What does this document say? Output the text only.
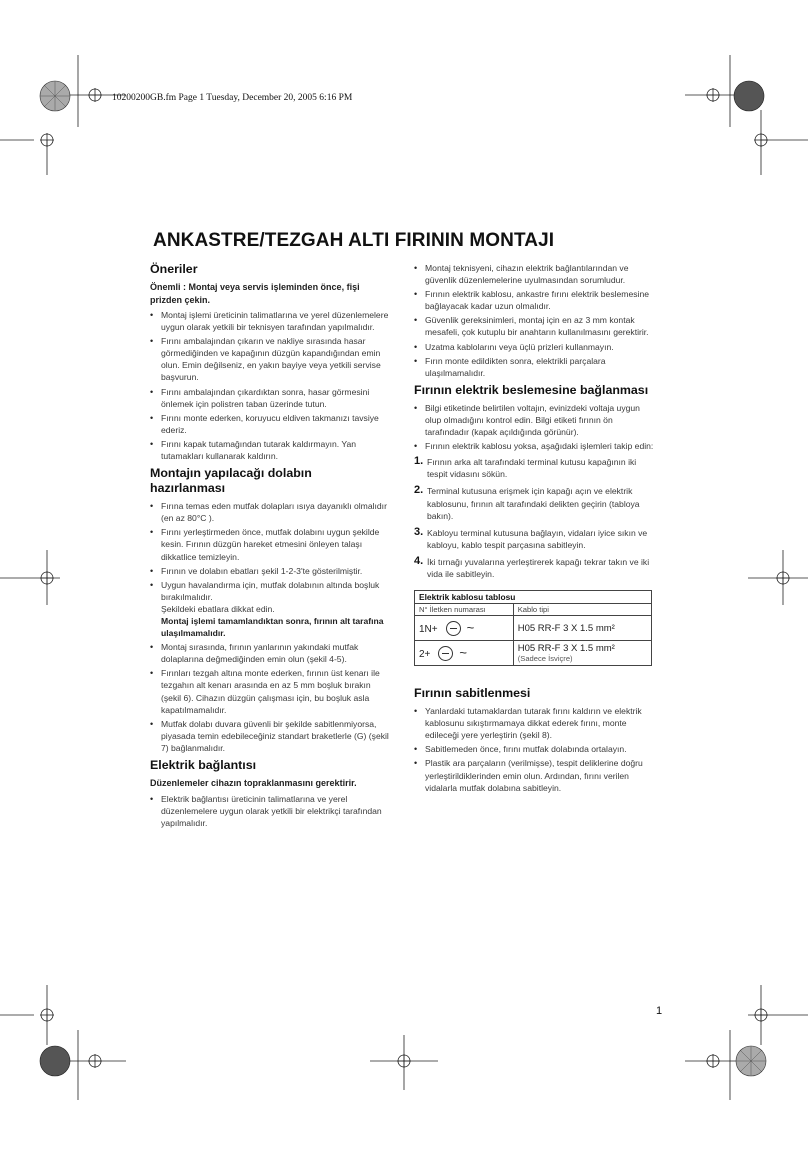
10200200GB.fm Page 1 Tuesday, December 20, 2005 6:16 PM
ANKASTRE/TEZGAH ALTI FIRININ MONTAJI
Öneriler

Önemli : Montaj veya servis işleminden önce, fişi prizden çekin.

• Montaj işlemi üreticinin talimatlarına ve yerel düzenlemelere uygun olarak yetkili bir teknisyen tarafından yapılmalıdır.
• Fırını ambalajından çıkarın ve nakliye sırasında hasar görmediğinden ve kapağının düzgün kapandığından emin olun. Emin değilseniz, en yakın bayiye veya yetkili servise başvurun.
• Fırını ambalajından çıkardıktan sonra, hasar görmesini önlemek için polistren taban üzerinde tutun.
• Fırını monte ederken, koruyucu eldiven takmanızı tavsiye ederiz.
• Fırını kapak tutamağından tutarak kaldırmayın. Yan tutamakları kullanarak kaldırın.
Montajın yapılacağı dolabın hazırlanması
• Fırına temas eden mutfak dolapları ısıya dayanıklı olmalıdır (en az 80°C ).
• Fırını yerleştirmeden önce, mutfak dolabını uygun şekilde kesin. Fırının düzgün hareket etmesini önleyen talaşı dikkatlice temizleyin.
• Fırının ve dolabın ebatları şekil 1-2-3'te gösterilmiştir.
• Uygun havalandırma için, mutfak dolabının altında boşluk bırakılmalıdır.
Şekildeki ebatlara dikkat edin.
Montaj işlemi tamamlandıktan sonra, fırının alt tarafına ulaşılmamalıdır.
• Montaj sırasında, fırının yanlarının yakındaki mutfak dolaplarına değmediğinden emin olun (şekil 4-5).
• Fırınları tezgah altına monte ederken, fırının üst kenarı ile tezgahın alt kenarı arasında en az 5 mm boşluk bırakın (şekil 6). Cihazın düzgün çalışması için, bu boşluk asla kapatılmamalıdır.
• Mutfak dolabı duvara güvenli bir şekilde sabitlenmiyorsa, piyasada temin edebileceğiniz standart braketlerle (G) (şekil 7) bağlanmalıdır.
Elektrik bağlantısı

Düzenlemeler cihazın topraklanmasını gerektirir.

• Elektrik bağlantısı üreticinin talimatlarına ve yerel düzenlemelere uygun olarak yetkili bir elektrikçi tarafından yapılmalıdır.
• Montaj teknisyeni, cihazın elektrik bağlantılarından ve güvenlik düzenlemelerine uyulmasından sorumludur.
• Fırının elektrik kablosu, ankastre fırını elektrik beslemesine bağlayacak kadar uzun olmalıdır.
• Güvenlik gereksinimleri, montaj için en az 3 mm kontak mesafeli, çok kutuplu bir anahtarın kullanılmasını gerektirir.
• Uzatma kablolarını veya üçlü prizleri kullanmayın.
• Fırın monte edildikten sonra, elektrikli parçalara ulaşılmamalıdır.
Fırının elektrik beslemesine bağlanması
• Bilgi etiketinde belirtilen voltajın, evinizdeki voltaja uygun olup olmadığını kontrol edin. Bilgi etiketi fırının ön tarafındadır (kapak açıldığında görünür).
• Fırının elektrik kablosu yoksa, aşağıdaki işlemleri takip edin:
1. Fırının arka alt tarafındaki terminal kutusu kapağının iki tespit vidasını sökün.
2. Terminal kutusuna erişmek için kapağı açın ve elektrik kablosunu, fırının alt tarafındaki delikten geçirin (tabloya bakın).
3. Kabloyu terminal kutusuna bağlayın, vidaları iyice sıkın ve kabloyu, kablo tespit parçasına sabitleyin.
4. İki tırnağı yuvalarına yerleştirerek kapağı tekrar takın ve iki vida ile sabitleyin.
Elektrik kablosu tablosu	
N° İletken numarası	Kablo tipi
1N+ ~	H05 RR-F 3 X 1.5 mm²
2+ ~	H05 RR-F 3 X 1.5 mm²
(Sadece İsviçre)
Fırının sabitlenmesi
• Yanlardaki tutamaklardan tutarak fırını kaldırın ve elektrik kablosunu sıkıştırmamaya dikkat ederek fırını, monte edileceği yere yerleştirin (şekil 8).
• Sabitlemeden önce, fırını mutfak dolabında ortalayın.
• Plastik ara parçaların (verilmişse), tespit deliklerine doğru yerleştirildiklerinden emin olun. Ardından, fırını verilen vidalarla mutfak dolabına sabitleyin.
1
